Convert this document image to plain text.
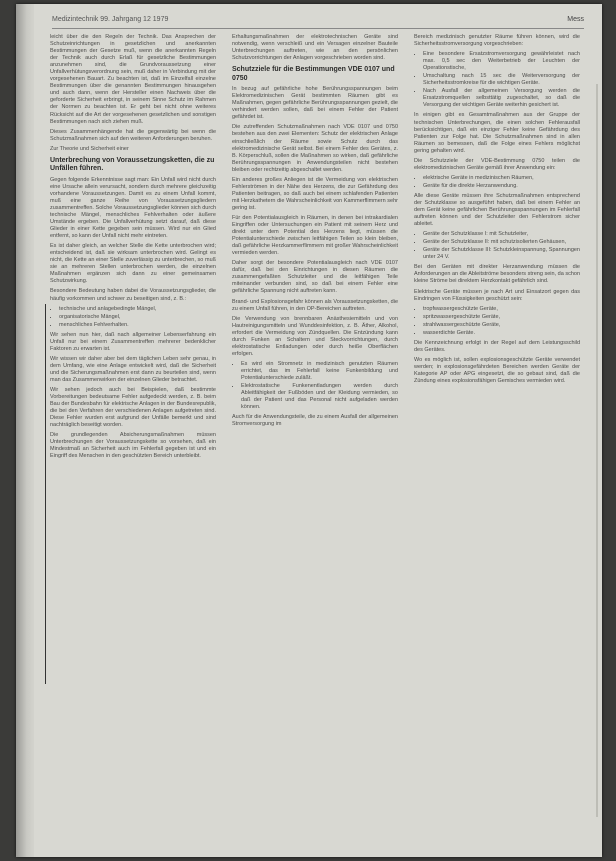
Medizintechnik 99. Jahrgang 12 1979	Mess

leicht über die den Regeln der Technik. Das Ansprechen der Schutzeinrichtungen in gesetzlichen und anerkannten Bestimmungen der Gesetze muß, wenn die anerkannten Regeln der Technik auch durch Erlaß für gesetzliche Bestimmungen anzunehmen sind, die Grundvoraussetzung einer Unfallverhütungsverordnung sein, muß daher in Verbindung mit der vorgesehenen Bauart. Zu beachten ist, daß im Einzelfall einzelne Bestimmungen über die genannten Bestimmungen hinausgehen und auch dann, wenn der Hersteller einen Nachweis über die geforderte Sicherheit erbringt, in seinem Sinne Schutz im Rahmen der Normen zu beachten ist. Er geht bei nicht ohne weiteres Rücksicht auf die Art der vorgesehenen gesetzlichen und sonstigen Bestimmungen nach sich ziehen muß.

Dieses Zusammenhängende hat die gegenwärtig bei wenn die Schutzmaßnahmen sich auf den weiteren Anforderungen beruhen.

Zur Theorie und Sicherheit einer

Unterbrechung von Voraussetzungsketten, die zu Unfällen führen.

Gegen folgende Erkenntnisse sagt man: Ein Unfall wird nicht durch eine Ursache allein verursacht, sondern durch mehrere gleichzeitig vorhandene Voraussetzungen. Damit es zu einem Unfall kommt, muß eine ganze Reihe von Voraussetzungsgliedern zusammentreffen. Solche Voraussetzungsglieder können sich durch technische Mängel, menschliches Fehlverhalten oder äußere Umstände ergeben. Die Unfallverhütung setzt darauf, daß diese Glieder in einer Kette gegeben sein müssen. Wird nur ein Glied entfernt, so kann der Unfall nicht mehr eintreten.

Es ist daher gleich, an welcher Stelle die Kette unterbrochen wird; entscheidend ist, daß sie wirksam unterbrochen wird. Gelingt es nicht, die Kette an einer Stelle zuverlässig zu unterbrechen, so muß sie an mehreren Stellen unterbrochen werden, die einzelnen Maßnahmen ergänzen sich dann zu einer gemeinsamen Schutzwirkung.

Besondere Bedeutung haben dabei die Voraussetzungsglieder, die häufig vorkommen und schwer zu beseitigen sind, z. B.:

• technische und anlagebedingte Mängel,
• organisatorische Mängel,
• menschliches Fehlverhalten.

Wir sehen nun hier, daß nach allgemeiner Lebenserfahrung ein Unfall nur bei einem Zusammentreffen mehrerer bedenklicher Faktoren zu erwarten ist.

Wir wissen wir daher aber bei dem täglichen Leben sehr genau, in dem Umfang, wie eine Anlage entwickelt wird, daß die Sicherheit und die Sicherungsmaßnahmen erst dann zu beurteilen sind, wenn man das Zusammenwirken der einzelnen Glieder betrachtet.

Wir sehen jedoch auch bei Beispielen, daß bestimmte Vorbereitungen bedeutsame Fehler aufgedeckt werden, z. B. beim Bau der Bundesbahn für elektrische Anlagen in der Bundesrepublik, die bei den Verfahren der verschiedenen Anlagen aufgetreten sind. Diese Fehler wurden erst aufgrund der Unfälle bemerkt und sind nachträglich beseitigt worden.

Die grundlegenden Absicherungsmaßnahmen müssen Unterbrechungen der Voraussetzungskette so vorsehen, daß ein Mindestmaß an Sicherheit auch im Fehlerfall gegeben ist und ein Eingriff des Menschen in den geschützten Bereich unterbleibt.

Erhaltungsmaßnahmen der elektrotechnischen Geräte sind notwendig, wenn verschleiß und ein Versagen einzelner Bauteile Unterbrechungen auftreten, wie an den persönlichen Schutzvorrichtungen der Anlagen vorgeschrieben worden sind.

Schutzziele für die Bestimmungen VDE 0107 und 0750

In bezug auf gefährliche hohe Berührungsspannungen beim Elektromedizinischen Gerät bestimmten Räumen gibt es Maßnahmen, gegen gefährliche Berührungsspannungen gezielt, die verhindert werden sollen, daß bei einem Fehler der Patient gefährdet ist.

Die zutreffenden Schutzmaßnahmen nach VDE 0107 und 0750 bestehen aus den zwei Elementen: Schutz der elektrischen Anlage einschließlich der Räume sowie Schutz durch das elektromedizinische Gerät selbst. Bei einem Fehler des Gerätes, z. B. Körperschluß, sollen die Maßnahmen so wirken, daß gefährliche Berührungsspannungen in Anwendungsteilen nicht bestehen bleiben oder rechtzeitig abgeschaltet werden.

Ein anderes großes Anliegen ist die Vermeidung von elektrischen Fehlerströmen in der Nähe des Herzens, die zur Gefährdung des Patienten beitragen, so daß auch bei einem schlafenden Patienten mit Herzkathetern die Wahrscheinlichkeit von Kammerflimmern sehr gering ist.

Für den Potentialausgleich in Räumen, in denen bei intrakardialen Eingriffen oder Untersuchungen ein Patient mit seinem Herz und direkt unter dem Potential des Herzens liegt, müssen die Potentialunterschiede zwischen leitfähigen Teilen so klein bleiben, daß gefährliche Herzkammerflimmern mit großer Wahrscheinlichkeit vermieden werden.

Daher sorgt der besondere Potentialausgleich nach VDE 0107 dafür, daß bei den Einrichtungen in diesen Räumen die zusammengefaßten Schutzleiter und die leitfähigen Teile miteinander verbunden sind, so daß bei einem Fehler eine gefährliche Spannung nicht auftreten kann.

Brand- und Explosionsgefahr können als Voraussetzungsketten, die zu einem Unfall führen, in den OP-Bereichen auftreten.

Die Verwendung von brennbaren Anästhesiemitteln und von Hautreinigungsmitteln und Wunddesinfektion, z. B. Äther, Alkohol, erfordert die Vermeidung von Zündquellen. Die Entzündung kann durch Funken an Schaltern und Steckvorrichtungen, durch elektrostatische Entladungen oder durch heiße Oberflächen erfolgen.

• Es wird ein Stromnetz in medizinisch genutzten Räumen errichtet, das im Fehlerfall keine Funkenbildung und Potentialunterschiede zuläßt.
• Elektrostatische Funkenentladungen werden durch Ableitfähigkeit der Fußböden und der Kleidung vermieden, so daß der Patient und das Personal nicht aufgeladen werden können.

Auch für die Anwendungsteile, die zu einem Ausfall der allgemeinen Stromversorgung im

Bereich medizinisch genutzter Räume führen können, wird die Sicherheitsstromversorgung vorgeschrieben:

• Eine besondere Ersatzstromversorgung gewährleistet nach max. 0,5 sec den Weiterbetrieb der Leuchten der Operationstische,
• Umschaltung nach 15 sec die Weiterversorgung der Sicherheitsstromkreise für die wichtigen Geräte.
• Nach Ausfall der allgemeinen Versorgung werden die Ersatzstromquellen selbsttätig zugeschaltet, so daß die Versorgung der wichtigen Geräte weiterhin gesichert ist.

In einigen gibt es Gesamtmaßnahmen aus der Gruppe der technischen Unterbrechungen, die einen solchen Fehlerausfall berücksichtigen, daß ein einziger Fehler keine Gefährdung des Patienten zur Folge hat. Die Schutzmaßnahmen sind in allen Räumen so bemessen, daß die Folge eines Fehlers möglichst gering gehalten wird.

Die Schutzziele der VDE-Bestimmung 0750 teilen die elektromedizinischen Geräte gemäß ihrer Anwendung ein:

• elektrische Geräte in medizinischen Räumen,
• Geräte für die direkte Herzanwendung.

Alle diese Geräte müssen ihre Schutzmaßnahmen entsprechend der Schutzklasse so ausgeführt haben, daß bei einem Fehler an dem Gerät keine gefährlichen Berührungsspannungen im Fehlerfall auftreten können und der Schutzleiter den Fehlerstrom sicher ableitet.

• Geräte der Schutzklasse I: mit Schutzleiter,
• Geräte der Schutzklasse II: mit schutzisolierten Gehäusen,
• Geräte der Schutzklasse III: Schutzkleinspannung, Spannungen unter 24 V.

Bei den Geräten mit direkter Herzanwendung müssen die Anforderungen an die Ableitströme besonders streng sein, da schon kleine Ströme bei direktem Herzkontakt gefährlich sind.

Elektrische Geräte müssen je nach Art und Einsatzort gegen das Eindringen von Flüssigkeiten geschützt sein:

• tropfwassergeschützte Geräte,
• spritzwassergeschützte Geräte,
• strahlwassergeschützte Geräte,
• wasserdichte Geräte.

Die Kennzeichnung erfolgt in der Regel auf dem Leistungsschild des Gerätes.

Wo es möglich ist, sollen explosionsgeschützte Geräte verwendet werden; in explosionsgefährdeten Bereichen werden Geräte der Kategorie AP oder APG eingesetzt, die so gebaut sind, daß die Zündung eines explosionsfähigen Gemisches vermieden wird.
